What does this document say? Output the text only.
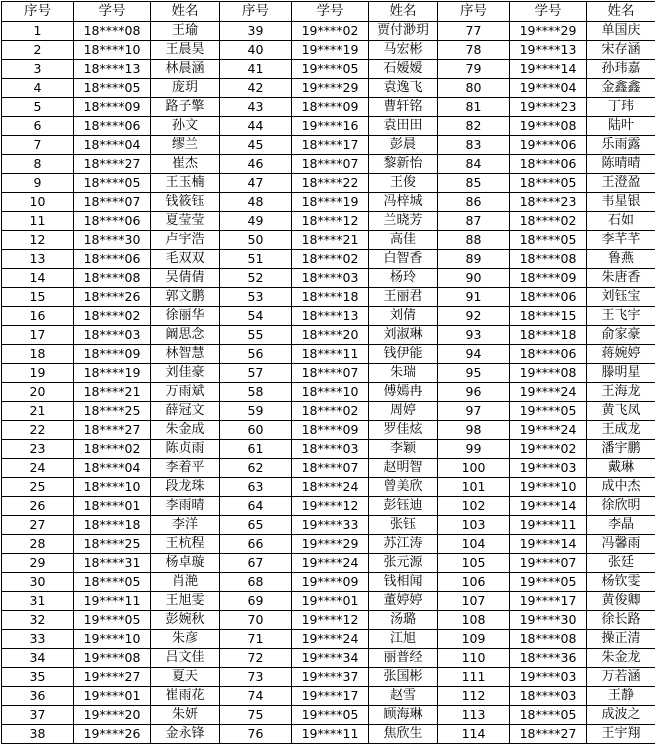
序号	学号	姓名	序号	学号	姓名	序号	学号	姓名
1	18****08	王瑜	39	19****02	贾付渺玥	77	19****29	单国庆
2	18****10	王晨昊	40	19****19	马宏彬	78	19****13	宋存涵
3	18****13	林晨涵	41	19****05	石嫒嫒	79	19****14	孙玮嘉
4	18****05	庞玥	42	19****29	袁逸飞	80	19****04	金鑫鑫
5	18****09	路子擎	43	18****09	曹轩铭	81	19****23	丁玮
6	18****06	孙文	44	19****16	袁田田	82	19****08	陆叶
7	18****04	缪兰	45	18****17	彭晨	83	19****06	乐雨露
8	18****27	崔杰	46	18****07	黎新怡	84	18****06	陈晴晴
9	18****05	王玉楠	47	18****22	王俊	85	18****05	王澄盈
10	18****07	钱筱钰	48	18****19	冯梓城	86	18****23	韦星银
11	18****06	夏莹莹	49	18****12	兰晓芳	87	18****02	石如
12	18****30	卢宇浩	50	18****21	高佳	88	18****05	李芊芊
13	18****06	毛双双	51	18****02	白智香	89	18****08	鲁燕
14	18****08	吴倩倩	52	18****03	杨玲	90	18****09	朱唐香
15	18****26	郭文鹏	53	18****18	王丽君	91	18****06	刘钰宝
16	18****02	徐丽华	54	18****13	刘倩	92	18****15	王飞宇
17	18****03	阚思念	55	18****20	刘淑琳	93	18****18	俞家豪
18	18****09	林智慧	56	18****11	钱伊能	94	18****06	蒋婉婷
19	18****19	刘佳豪	57	18****07	朱瑞	95	19****08	滕明星
20	18****21	万雨斌	58	18****10	傅嫣冉	96	19****24	王海龙
21	18****25	薛冠文	59	18****02	周婷	97	19****05	黄飞凤
22	18****27	朱金成	60	18****09	罗佳炫	98	19****24	王成龙
23	18****02	陈贞雨	61	18****03	李颖	99	19****02	潘宇鹏
24	18****04	李着平	62	18****07	赵明智	100	19****03	戴琳
25	18****10	段龙珠	63	18****24	曾美欣	101	19****10	成中杰
26	18****01	李雨晴	64	19****12	彭钰迪	102	19****14	徐欣明
27	18****18	李洋	65	19****33	张钰	103	19****11	李晶
28	18****25	王杭程	66	19****29	苏江涛	104	19****14	冯馨雨
29	18****31	杨卓璇	67	19****24	张元源	105	19****07	张廷
30	18****05	肖滟	68	19****09	钱相闻	106	19****05	杨钦雯
31	19****11	王旭雯	69	19****01	董婷婷	107	19****17	黄俊卿
32	19****05	彭婉秋	70	19****12	汤璐	108	19****30	徐长路
33	19****10	朱彦	71	19****24	江旭	109	18****08	操正清
34	19****08	吕文佳	72	19****34	丽普经	110	18****36	朱金龙
35	19****27	夏天	73	19****37	张国彬	111	19****03	万若涵
36	19****01	崔雨花	74	19****17	赵雪	112	18****03	王静
37	19****20	朱妍	75	19****05	顾海琳	113	18****05	成波之
38	19****26	金永锋	76	19****11	焦欣生	114	18****27	王宇翔
